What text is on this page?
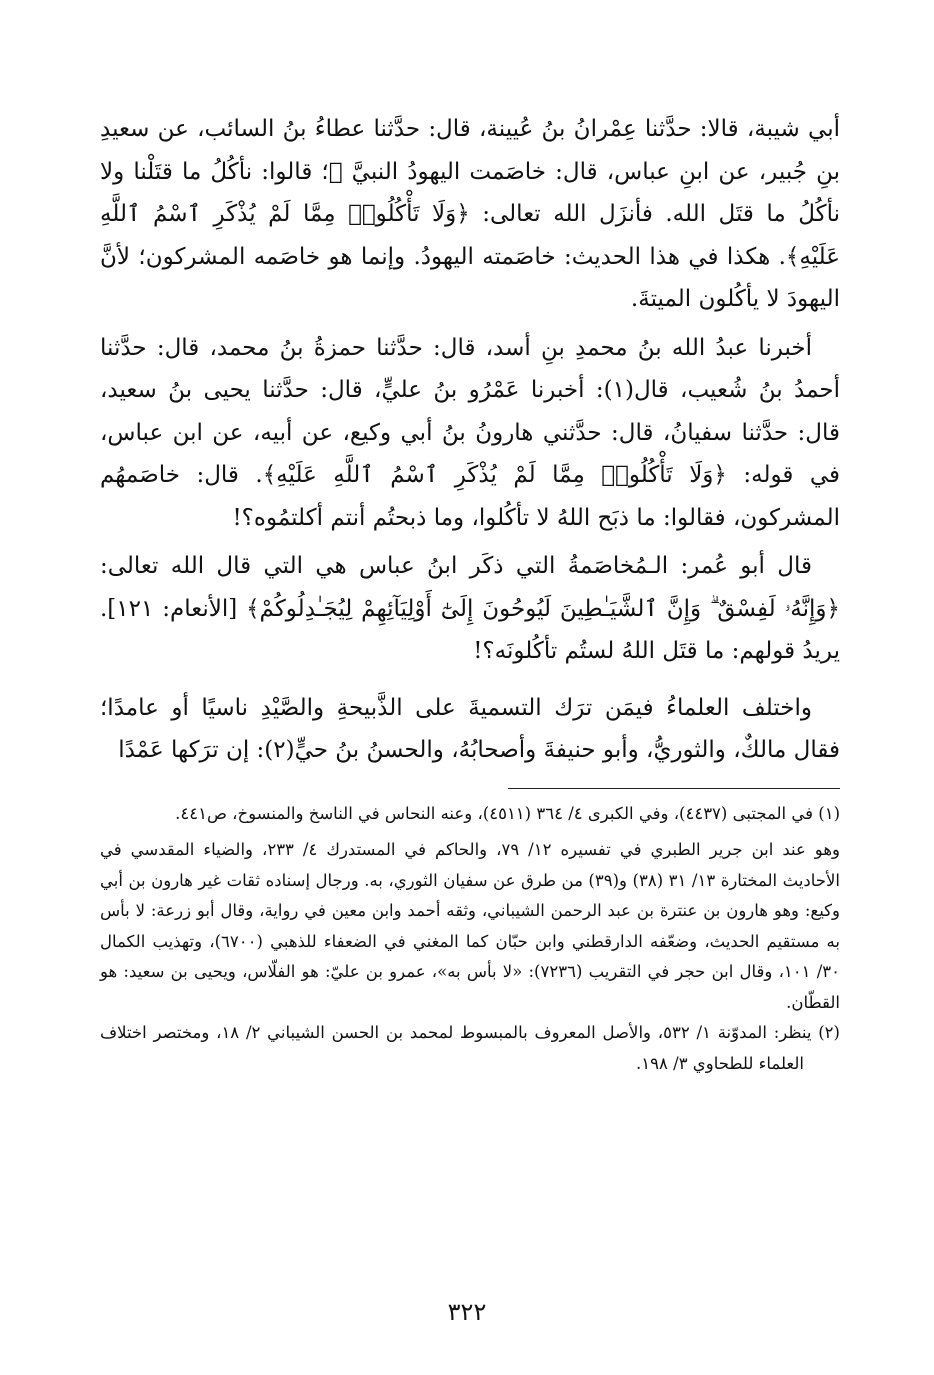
أبي شيبة، قالا: حدَّثنا عِمْرانُ بنُ عُيينة، قال: حدَّثنا عطاءُ بنُ السائب، عن سعيدِ بنِ جُبير، عن ابنِ عباس، قال: خاصَمت اليهودُ النبيَّ ﷺ؛ قالوا: نأكُلُ ما قتَلْنا ولا نأكُلُ ما قتَل الله. فأنزَل الله تعالى: ﴿وَلَا تَأْكُلُوا۟ مِمَّا لَمْ يُذْكَرِ ٱسْمُ ٱللَّهِ عَلَيْهِ﴾. هكذا في هذا الحديث: خاصَمته اليهودُ. وإنما هو خاصَمه المشركون؛ لأنَّ اليهودَ لا يأكُلون الميتةَ.

أخبرنا عبدُ الله بنُ محمدِ بنِ أسد، قال: حدَّثنا حمزةُ بنُ محمد، قال: حدَّثنا أحمدُ بنُ شُعيب، قال(١): أخبرنا عَمْرُو بنُ عليٍّ، قال: حدَّثنا يحيى بنُ سعيد، قال: حدَّثنا سفيانُ، قال: حدَّثني هارونُ بنُ أبي وكيع، عن أبيه، عن ابن عباس، في قوله: ﴿وَلَا تَأْكُلُوا۟ مِمَّا لَمْ يُذْكَرِ ٱسْمُ ٱللَّهِ عَلَيْهِ﴾. قال: خاصَمهُم المشركون، فقالوا: ما ذبَح اللهُ لا تأكُلوا، وما ذبحتُم أنتم أكلتمُوه؟!

قال أبو عُمر: الـمُخاصَمةُ التي ذكَر ابنُ عباس هي التي قال الله تعالى: ﴿وَإِنَّهُۥ لَفِسْقٌ ۗ وَإِنَّ ٱلشَّيَـٰطِينَ لَيُوحُونَ إِلَىٰٓ أَوْلِيَآئِهِمْ لِيُجَـٰدِلُوكُمْ﴾ [الأنعام: ١٢١]. يريدُ قولهم: ما قتَل اللهُ لستُم تأكُلونَه؟!

واختلف العلماءُ فيمَن ترَك التسميةَ على الذَّبيحةِ والصَّيْدِ ناسيًا أو عامدًا؛ فقال مالكٌ، والثوريُّ، وأبو حنيفةَ وأصحابُهُ، والحسنُ بنُ حيٍّ(٢): إن ترَكها عَمْدًا

(١) في المجتبى (٤٤٣٧)، وفي الكبرى ٤/ ٣٦٤ (٤٥١١)، وعنه النحاس في الناسخ والمنسوخ، ص٤٤١.

وهو عند ابن جرير الطبري في تفسيره ١٢/ ٧٩، والحاكم في المستدرك ٤/ ٢٣٣، والضياء المقدسي في الأحاديث المختارة ١٣/ ٣١ (٣٨) و(٣٩) من طرق عن سفيان الثوري، به. ورجال إسناده ثقات غير هارون بن أبي وكيع: وهو هارون بن عنترة بن عبد الرحمن الشيباني، وثقه أحمد وابن معين في رواية، وقال أبو زرعة: لا بأس به مستقيم الحديث، وضعّفه الدارقطني وابن حبّان كما المغني في الضعفاء للذهبي (٦٧٠٠)، وتهذيب الكمال ٣٠/ ١٠١، وقال ابن حجر في التقريب (٧٢٣٦): «لا بأس به»، عمرو بن عليّ: هو الفلّاس، ويحيى بن سعيد: هو القطّان.

(٢) ينظر: المدوّنة ١/ ٥٣٢، والأصل المعروف بالمبسوط لمحمد بن الحسن الشيباني ٢/ ١٨، ومختصر اختلاف العلماء للطحاوي ٣/ ١٩٨.

٣٢٢
